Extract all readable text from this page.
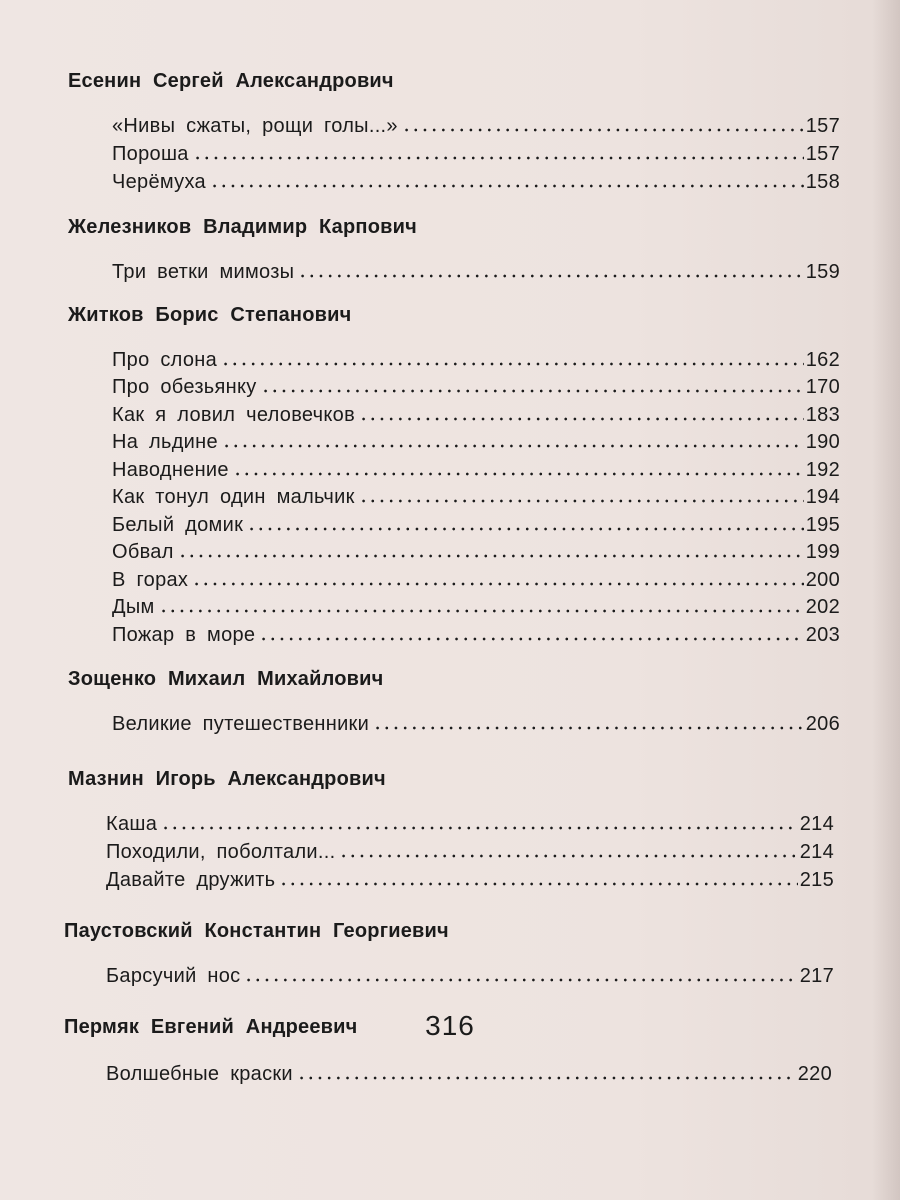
Есенин Сергей Александрович
«Нивы сжаты, рощи голы...»	157
Пороша	157
Черёмуха	158
Железников Владимир Карпович
Три ветки мимозы	159
Житков Борис Степанович
Про слона	162
Про обезьянку	170
Как я ловил человечков	183
На льдине	190
Наводнение	192
Как тонул один мальчик	194
Белый домик	195
Обвал	199
В горах	200
Дым	202
Пожар в море	203
Зощенко Михаил Михайлович
Великие путешественники	206
Мазнин Игорь Александрович
Каша	214
Походили, поболтали...	214
Давайте дружить	215
Паустовский Константин Георгиевич
Барсучий нос	217
Пермяк Евгений Андреевич
Волшебные краски	220
316
